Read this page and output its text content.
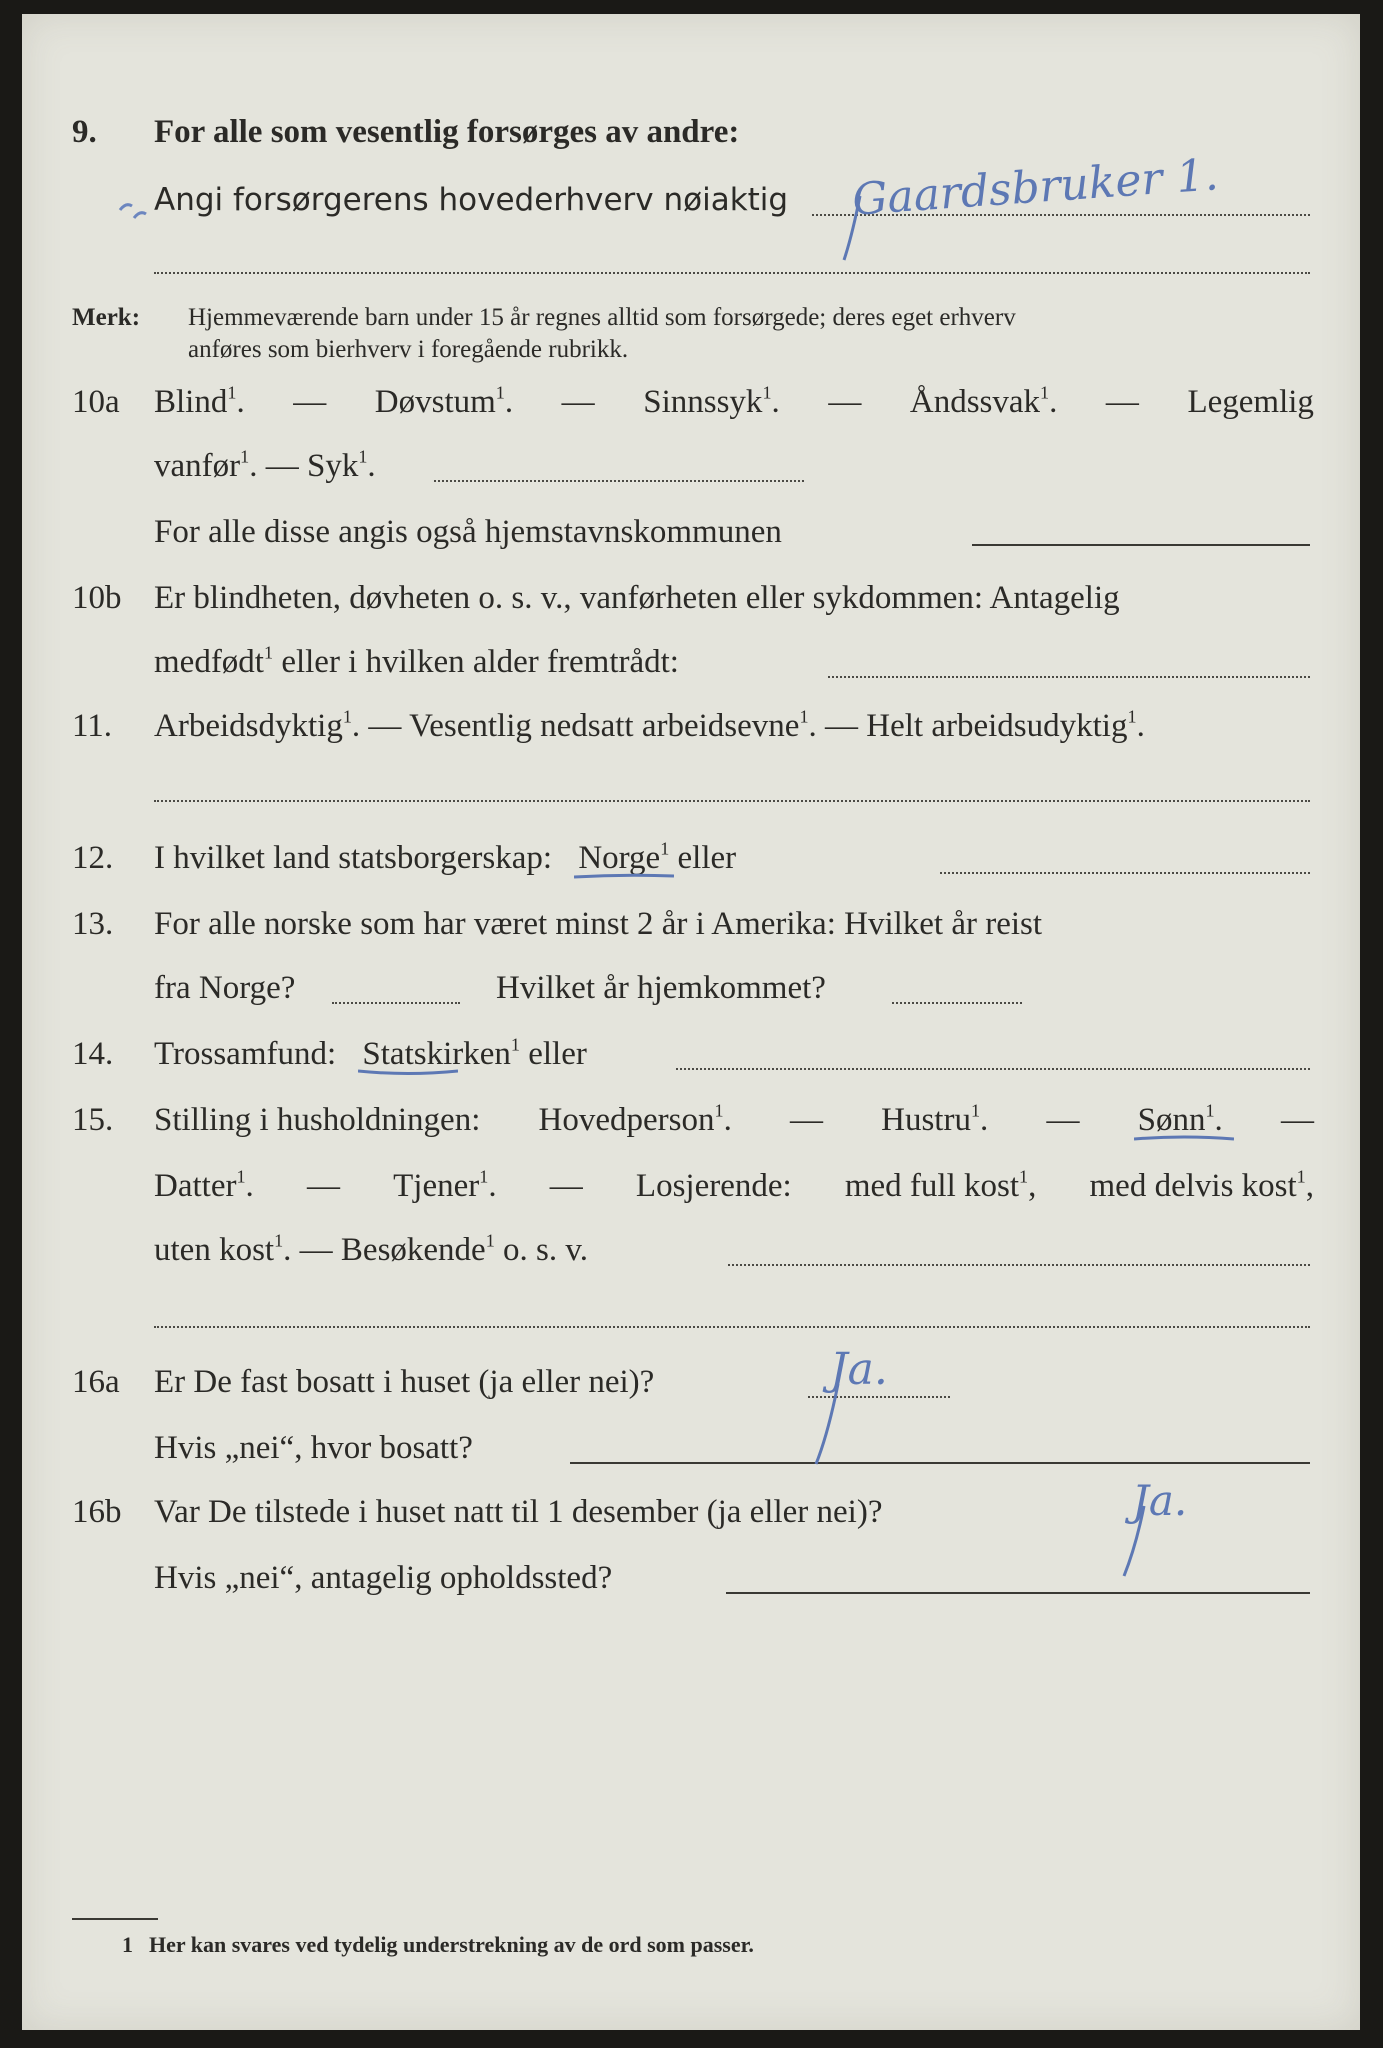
9. For alle som vesentlig forsørges av andre:
Angi forsørgerens hovederhverv nøiaktig Gaardsbruker 1.
Merk: Hjemmeværende barn under 15 år regnes alltid som forsørgede; deres eget erhverv
anføres som bierhverv i foregående rubrikk.
10a Blind$^1$. — Døvstum$^1$. — Sinnssyk$^1$. — Åndssvak$^1$. — Legemlig
vanfør$^1$. — Syk$^1$.
For alle disse angis også hjemstavnskommunen
10b Er blindheten, døvheten o. s. v., vanførheten eller sykdommen: Antagelig
medfødt$^1$ eller i hvilken alder fremtrådt:
11. Arbeidsdyktig$^1$. — Vesentlig nedsatt arbeidsevne$^1$. — Helt arbeidsudyktig$^1$.
12. I hvilket land statsborgerskap: Norge$^1$ eller
13. For alle norske som har været minst 2 år i Amerika: Hvilket år reist
fra Norge?	Hvilket år hjemkommet?
14. Trossamfund: Statskirken$^1$ eller
15. Stilling i husholdningen: Hovedperson$^1$. — Hustru$^1$. — Sønn$^1$. —
Datter$^1$. — Tjener$^1$. — Losjerende: med full kost$^1$, med delvis kost$^1$,
uten kost$^1$. — Besøkende$^1$ o. s. v.
16a Er De fast bosatt i huset (ja eller nei)?	Ja.
Hvis „nei“, hvor bosatt?
16b Var De tilstede i huset natt til 1 desember (ja eller nei)?	Ja.
Hvis „nei“, antagelig opholdssted?
1 Her kan svares ved tydelig understrekning av de ord som passer.
